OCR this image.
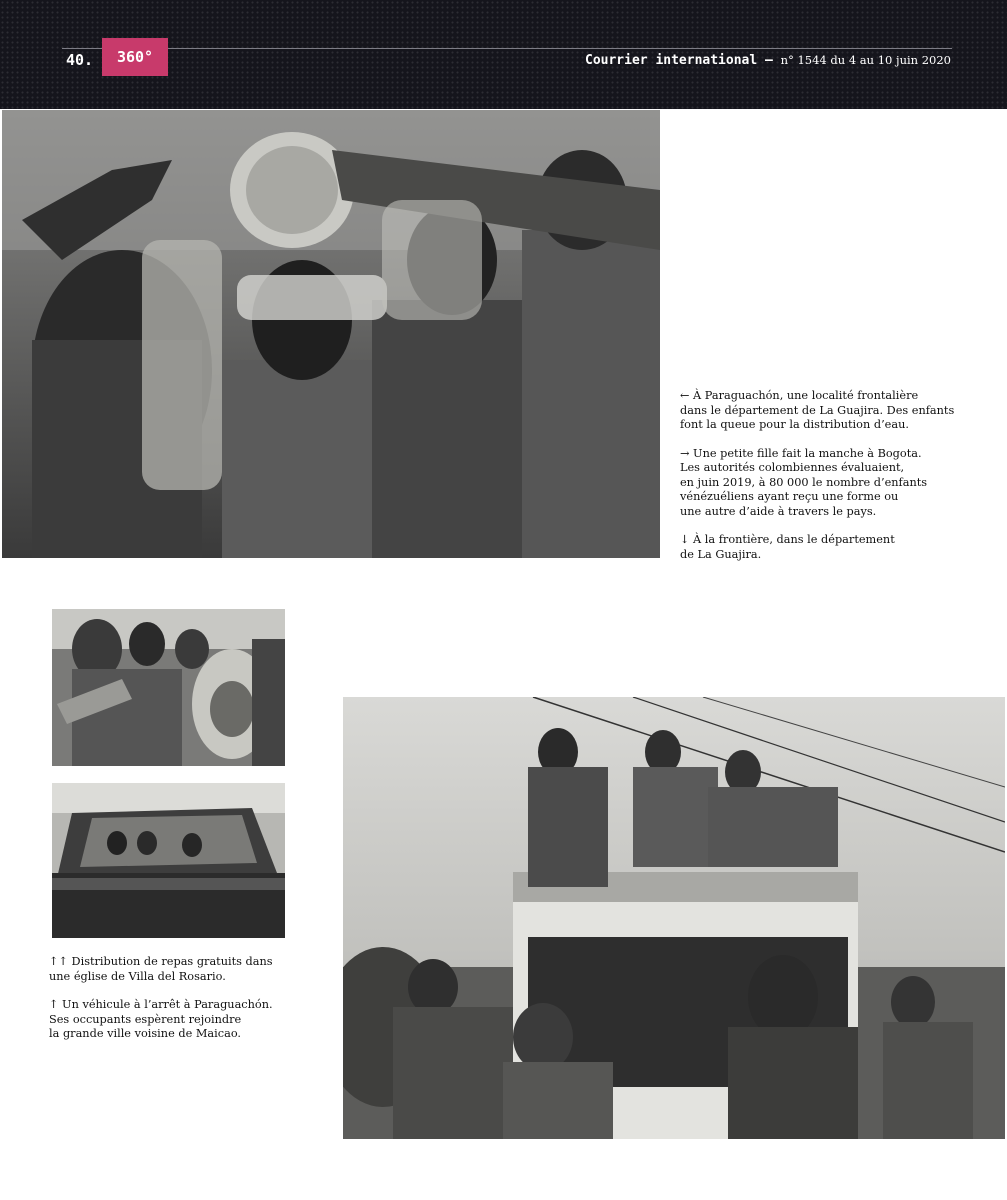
40.	360°	Courrier international – n° 1544 du 4 au 10 juin 2020

← À Paraguachón, une localité frontalière
dans le département de La Guajira. Des enfants
font la queue pour la distribution d’eau.

→ Une petite fille fait la manche à Bogota.
Les autorités colombiennes évaluaient,
en juin 2019, à 80 000 le nombre d’enfants
vénézuéliens ayant reçu une forme ou
une autre d’aide à travers le pays.

↓ À la frontière, dans le département
de La Guajira.

↑↑ Distribution de repas gratuits dans
une église de Villa del Rosario.

↑ Un véhicule à l’arrêt à Paraguachón.
Ses occupants espèrent rejoindre
la grande ville voisine de Maicao.
